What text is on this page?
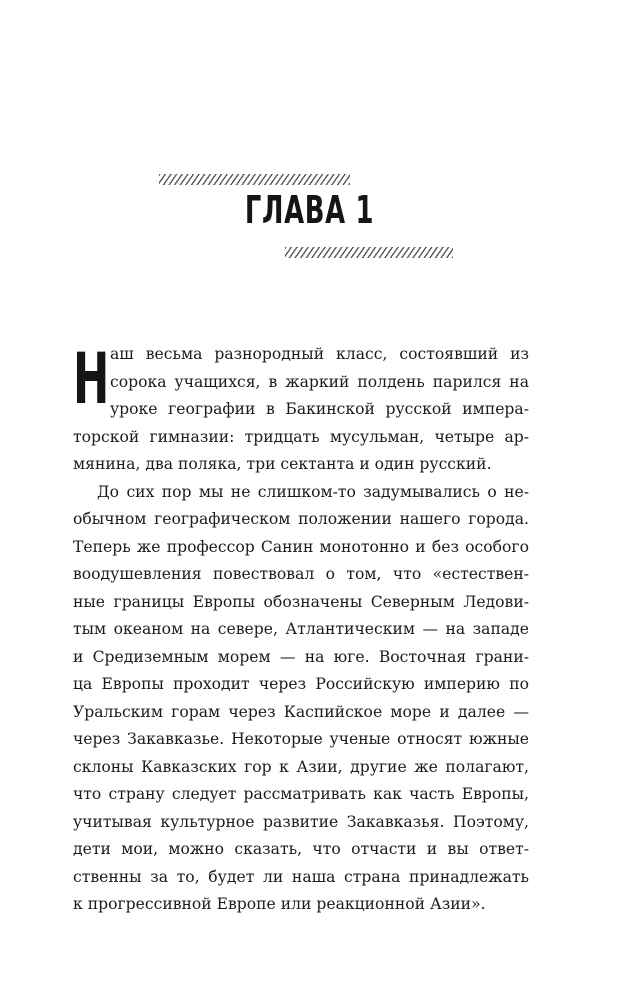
ГЛАВА 1
Н аш весьма разнородный класс, состоявший из
сорока учащихся, в жаркий полдень парился на
уроке географии в Бакинской русской импера-
торской гимназии: тридцать мусульман, четыре ар-
мянина, два поляка, три сектанта и один русский.
До сих пор мы не слишком-то задумывались о не-
обычном географическом положении нашего города.
Теперь же профессор Санин монотонно и без особого
воодушевления повествовал о том, что «естествен-
ные границы Европы обозначены Северным Ледови-
тым океаном на севере, Атлантическим — на западе
и Средиземным морем — на юге. Восточная грани-
ца Европы проходит через Российскую империю по
Уральским горам через Каспийское море и далее —
через Закавказье. Некоторые ученые относят южные
склоны Кавказских гор к Азии, другие же полагают,
что страну следует рассматривать как часть Европы,
учитывая культурное развитие Закавказья. Поэтому,
дети мои, можно сказать, что отчасти и вы ответ-
ственны за то, будет ли наша страна принадлежать
к прогрессивной Европе или реакционной Азии».
